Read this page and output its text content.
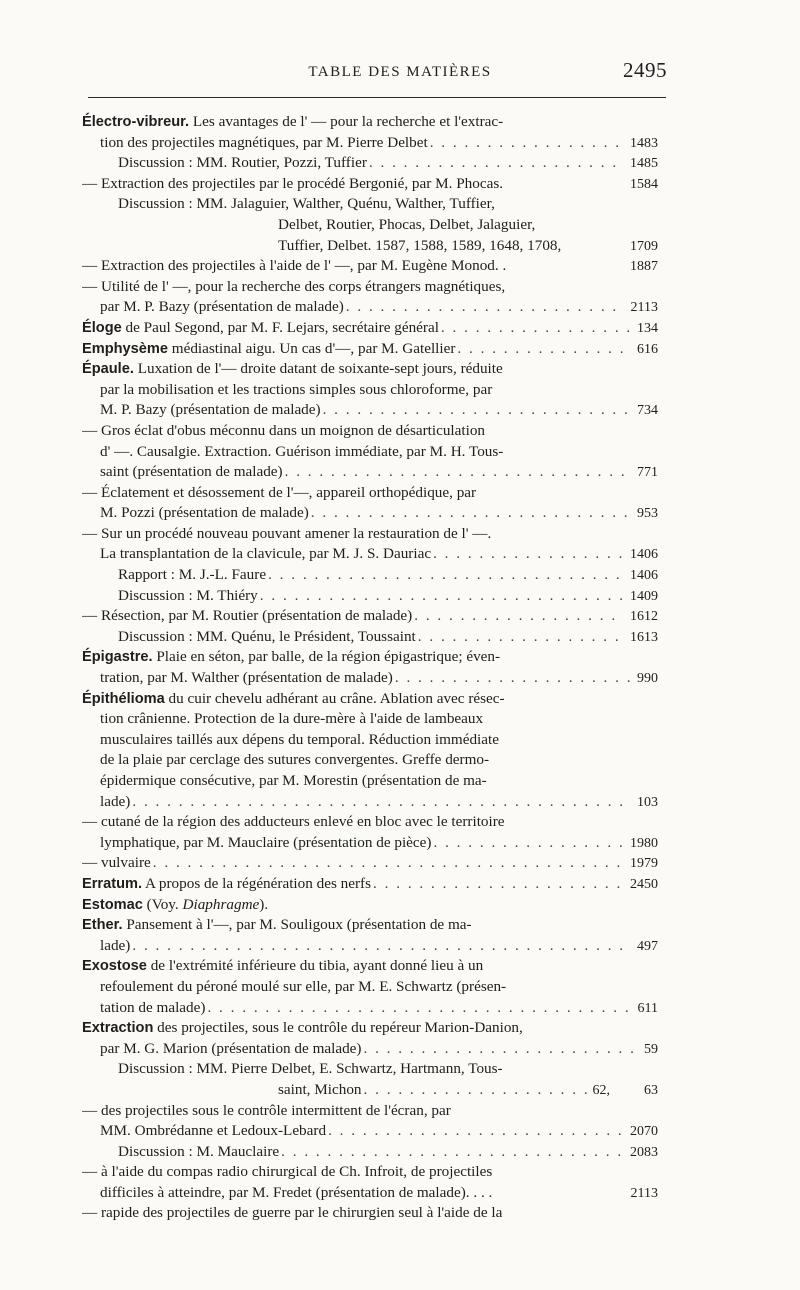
TABLE DES MATIÈRES	2495
Électro-vibreur. Les avantages de l' — pour la recherche et l'extrac-
tion des projectiles magnétiques, par M. Pierre Delbet . . .	1483
Discussion : MM. Routier, Pozzi, Tuffier . . .	1485
— Extraction des projectiles par le procédé Bergonié, par M. Phocas.	1584
Discussion : MM. Jalaguier, Walther, Quénu, Walther, Tuffier,
Delbet, Routier, Phocas, Delbet, Jalaguier,
Tuffier, Delbet. 1587, 1588, 1589, 1648, 1708,	1709
— Extraction des projectiles à l'aide de l' —, par M. Eugène Monod. .	1887
— Utilité de l' —, pour la recherche des corps étrangers magnétiques,
par M. P. Bazy (présentation de malade) . . .	2113
Éloge de Paul Segond, par M. F. Lejars, secrétaire général . . .	134
Emphysème médiastinal aigu. Un cas d'—, par M. Gatellier . . .	616
Épaule. Luxation de l'— droite datant de soixante-sept jours, réduite
par la mobilisation et les tractions simples sous chloroforme, par
M. P. Bazy (présentation de malade) . . .	734
— Gros éclat d'obus méconnu dans un moignon de désarticulation
d' —. Causalgie. Extraction. Guérison immédiate, par M. H. Tous-
saint (présentation de malade) . . .	771
— Éclatement et désossement de l'—, appareil orthopédique, par
M. Pozzi (présentation de malade) . . .	953
— Sur un procédé nouveau pouvant amener la restauration de l' —.
La transplantation de la clavicule, par M. J. S. Dauriac . . .	1406
Rapport : M. J.-L. Faure . . .	1406
Discussion : M. Thiéry . . .	1409
— Résection, par M. Routier (présentation de malade) . . .	1612
Discussion : MM. Quénu, le Président, Toussaint . . .	1613
Épigastre. Plaie en séton, par balle, de la région épigastrique; éven-
tration, par M. Walther (présentation de malade) . . .	990
Épithélioma du cuir chevelu adhérant au crâne. Ablation avec résec-
tion crânienne. Protection de la dure-mère à l'aide de lambeaux
musculaires taillés aux dépens du temporal. Réduction immédiate
de la plaie par cerclage des sutures convergentes. Greffe dermo-
épidermique consécutive, par M. Morestin (présentation de ma-
lade) . . .	103
— cutané de la région des adducteurs enlevé en bloc avec le territoire
lymphatique, par M. Mauclaire (présentation de pièce) . . .	1980
— vulvaire . . .	1979
Erratum. A propos de la régénération des nerfs . . .	2450
Estomac (Voy. Diaphragme).
Ether. Pansement à l'—, par M. Souligoux (présentation de ma-
lade) . . .	497
Exostose de l'extrémité inférieure du tibia, ayant donné lieu à un
refoulement du péroné moulé sur elle, par M. E. Schwartz (présen-
tation de malade) . . .	611
Extraction des projectiles, sous le contrôle du repéreur Marion-Danion,
par M. G. Marion (présentation de malade) . . .	59
Discussion : MM. Pierre Delbet, E. Schwartz, Hartmann, Tous-
saint, Michon . . .	62, 63
— des projectiles sous le contrôle intermittent de l'écran, par
MM. Ombrédanne et Ledoux-Lebard . . .	2070
Discussion : M. Mauclaire . . .	2083
— à l'aide du compas radio chirurgical de Ch. Infroit, de projectiles
difficiles à atteindre, par M. Fredet (présentation de malade). . . .	2113
— rapide des projectiles de guerre par le chirurgien seul à l'aide de la
